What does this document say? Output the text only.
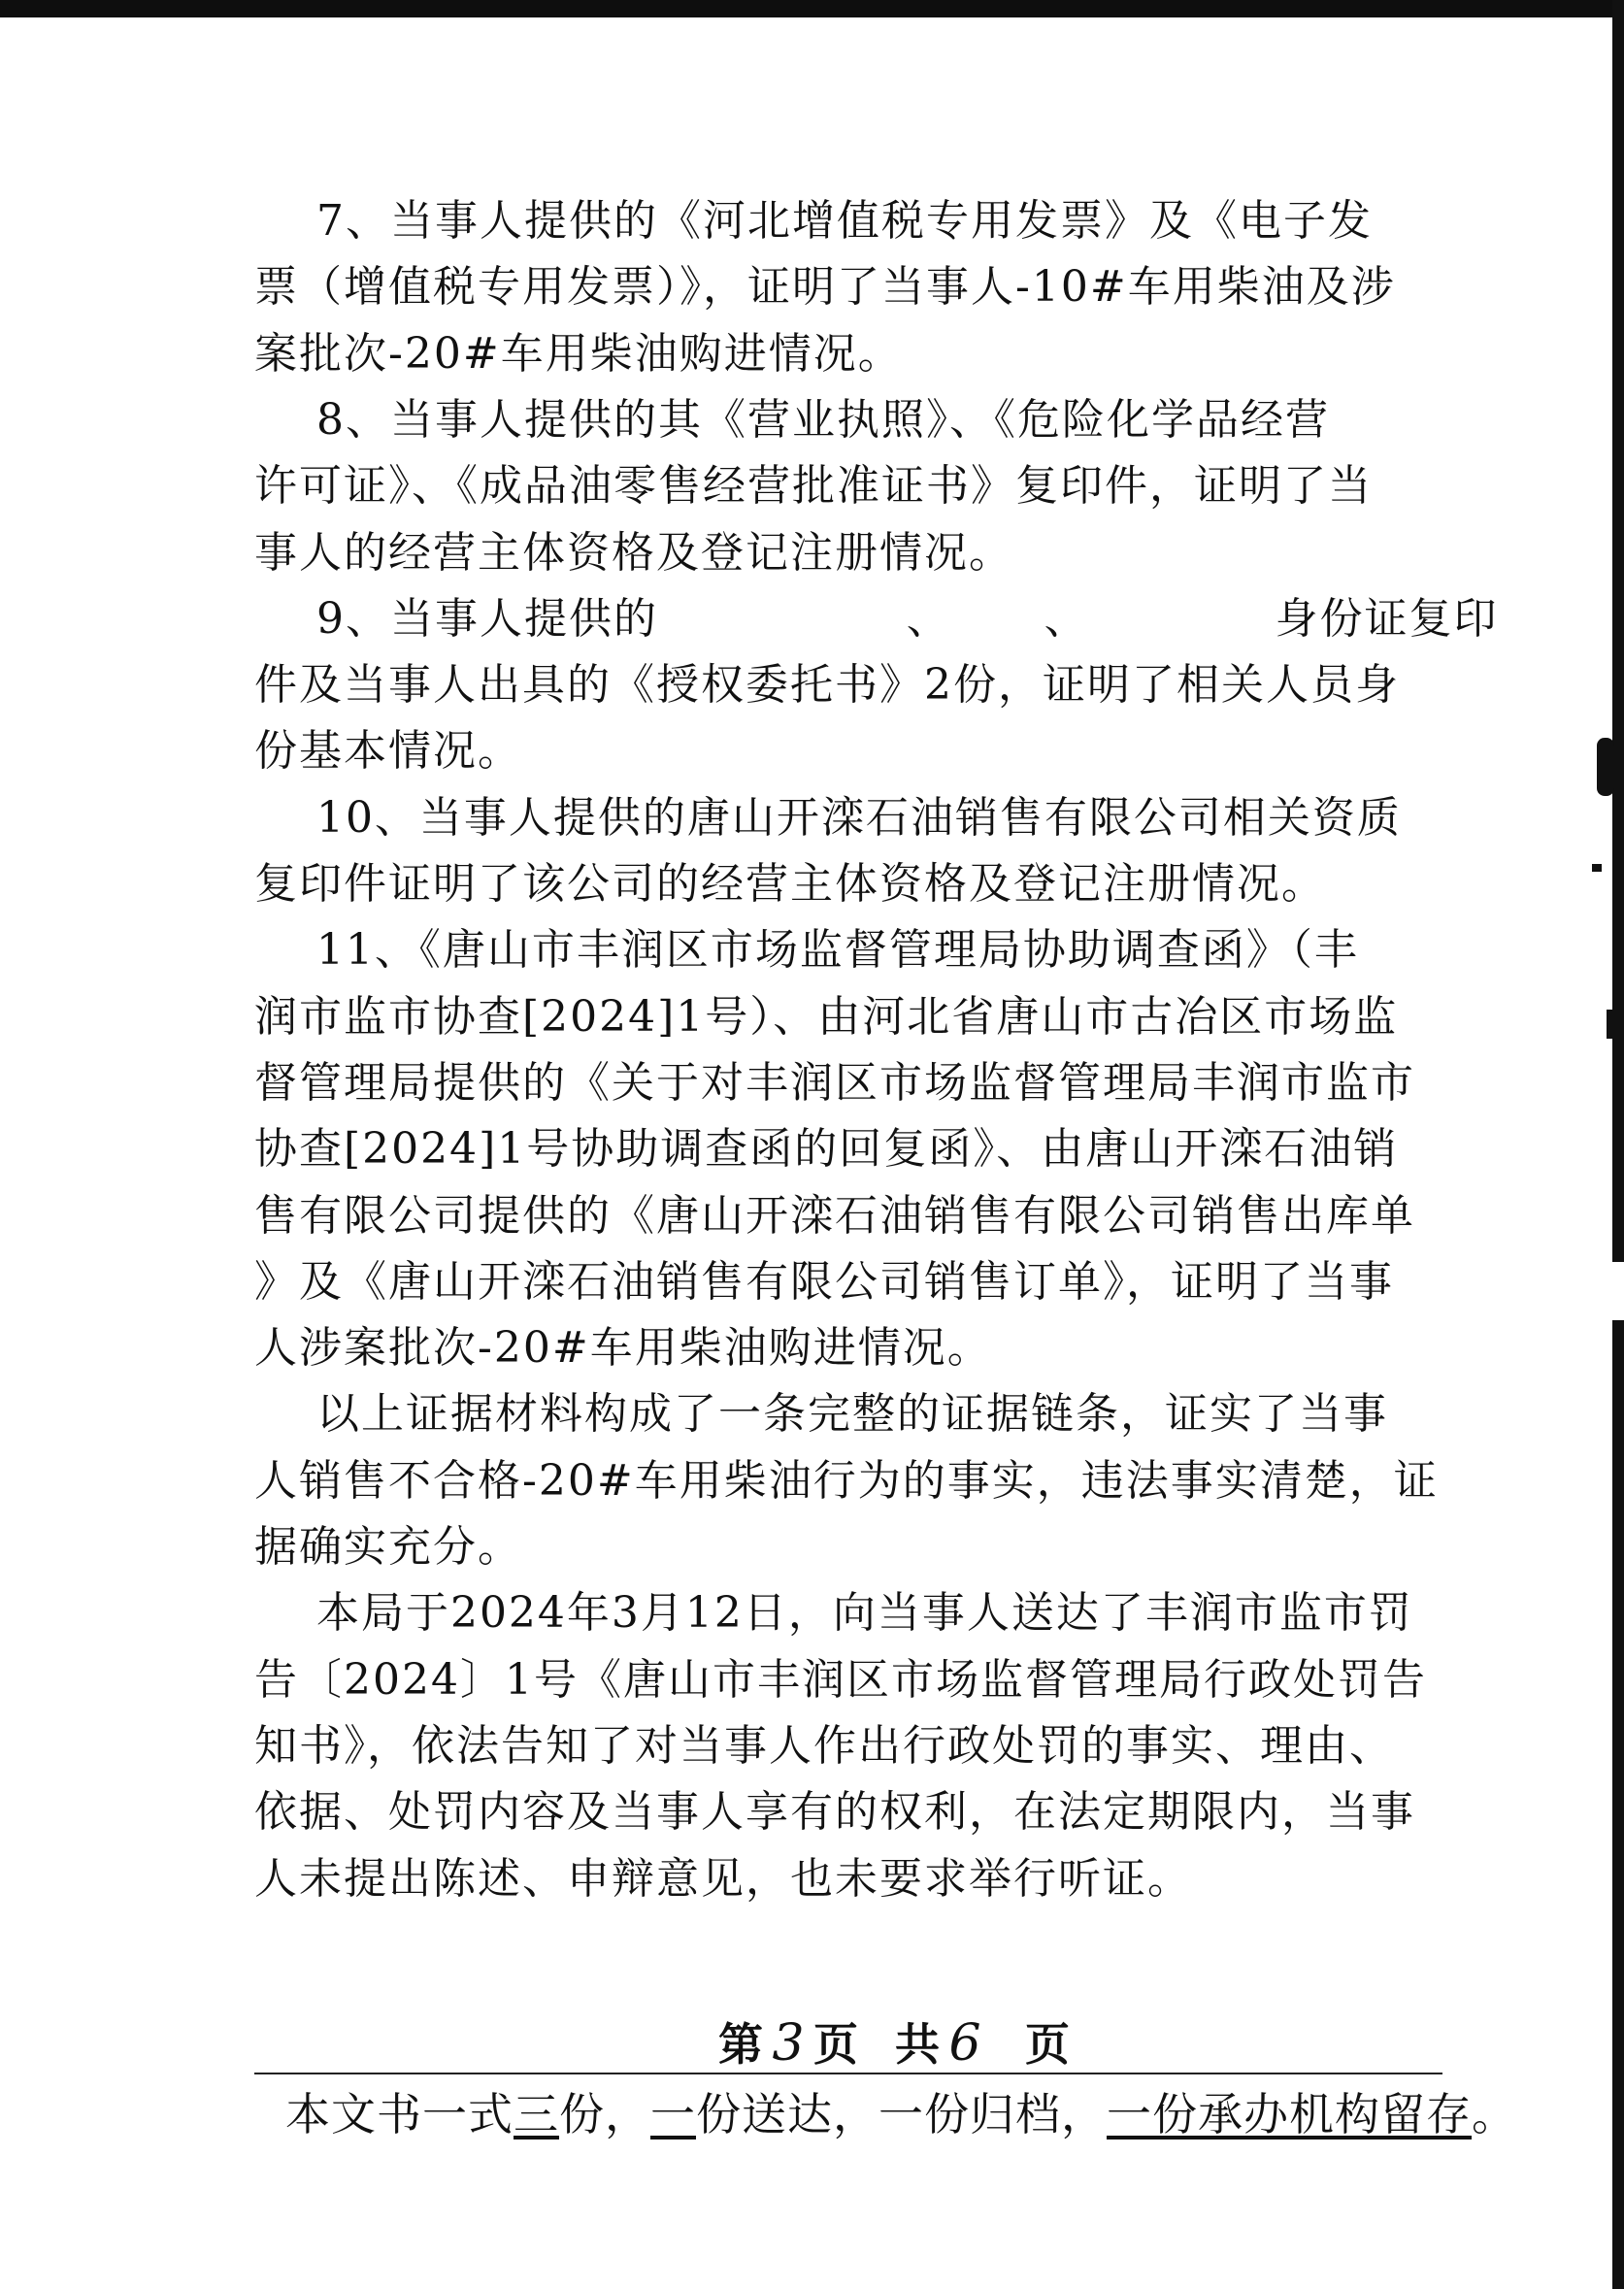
7、当事人提供的《河北增值税专用发票》及《电子发
票（增值税专用发票）》，证明了当事人-10#车用柴油及涉
案批次-20#车用柴油购进情况。
8、当事人提供的其《营业执照》、《危险化学品经营
许可证》、《成品油零售经营批准证书》复印件，证明了当
事人的经营主体资格及登记注册情况。
9、当事人提供的                、      、            身份证复印
件及当事人出具的《授权委托书》2份，证明了相关人员身
份基本情况。
10、当事人提供的唐山开滦石油销售有限公司相关资质
复印件证明了该公司的经营主体资格及登记注册情况。
11、《唐山市丰润区市场监督管理局协助调查函》（丰
润市监市协查[2024]1号）、由河北省唐山市古冶区市场监
督管理局提供的《关于对丰润区市场监督管理局丰润市监市
协查[2024]1号协助调查函的回复函》、由唐山开滦石油销
售有限公司提供的《唐山开滦石油销售有限公司销售出库单
》及《唐山开滦石油销售有限公司销售订单》，证明了当事
人涉案批次-20#车用柴油购进情况。
以上证据材料构成了一条完整的证据链条，证实了当事
人销售不合格-20#车用柴油行为的事实，违法事实清楚，证
据确实充分。
本局于2024年3月12日，向当事人送达了丰润市监市罚
告〔2024〕1号《唐山市丰润区市场监督管理局行政处罚告
知书》，依法告知了对当事人作出行政处罚的事实、理由、
依据、处罚内容及当事人享有的权利，在法定期限内，当事
人未提出陈述、申辩意见，也未要求举行听证。
第 3 页  共 6  页
本文书一式三份，一份送达，一份归档，一份承办机构留存。
